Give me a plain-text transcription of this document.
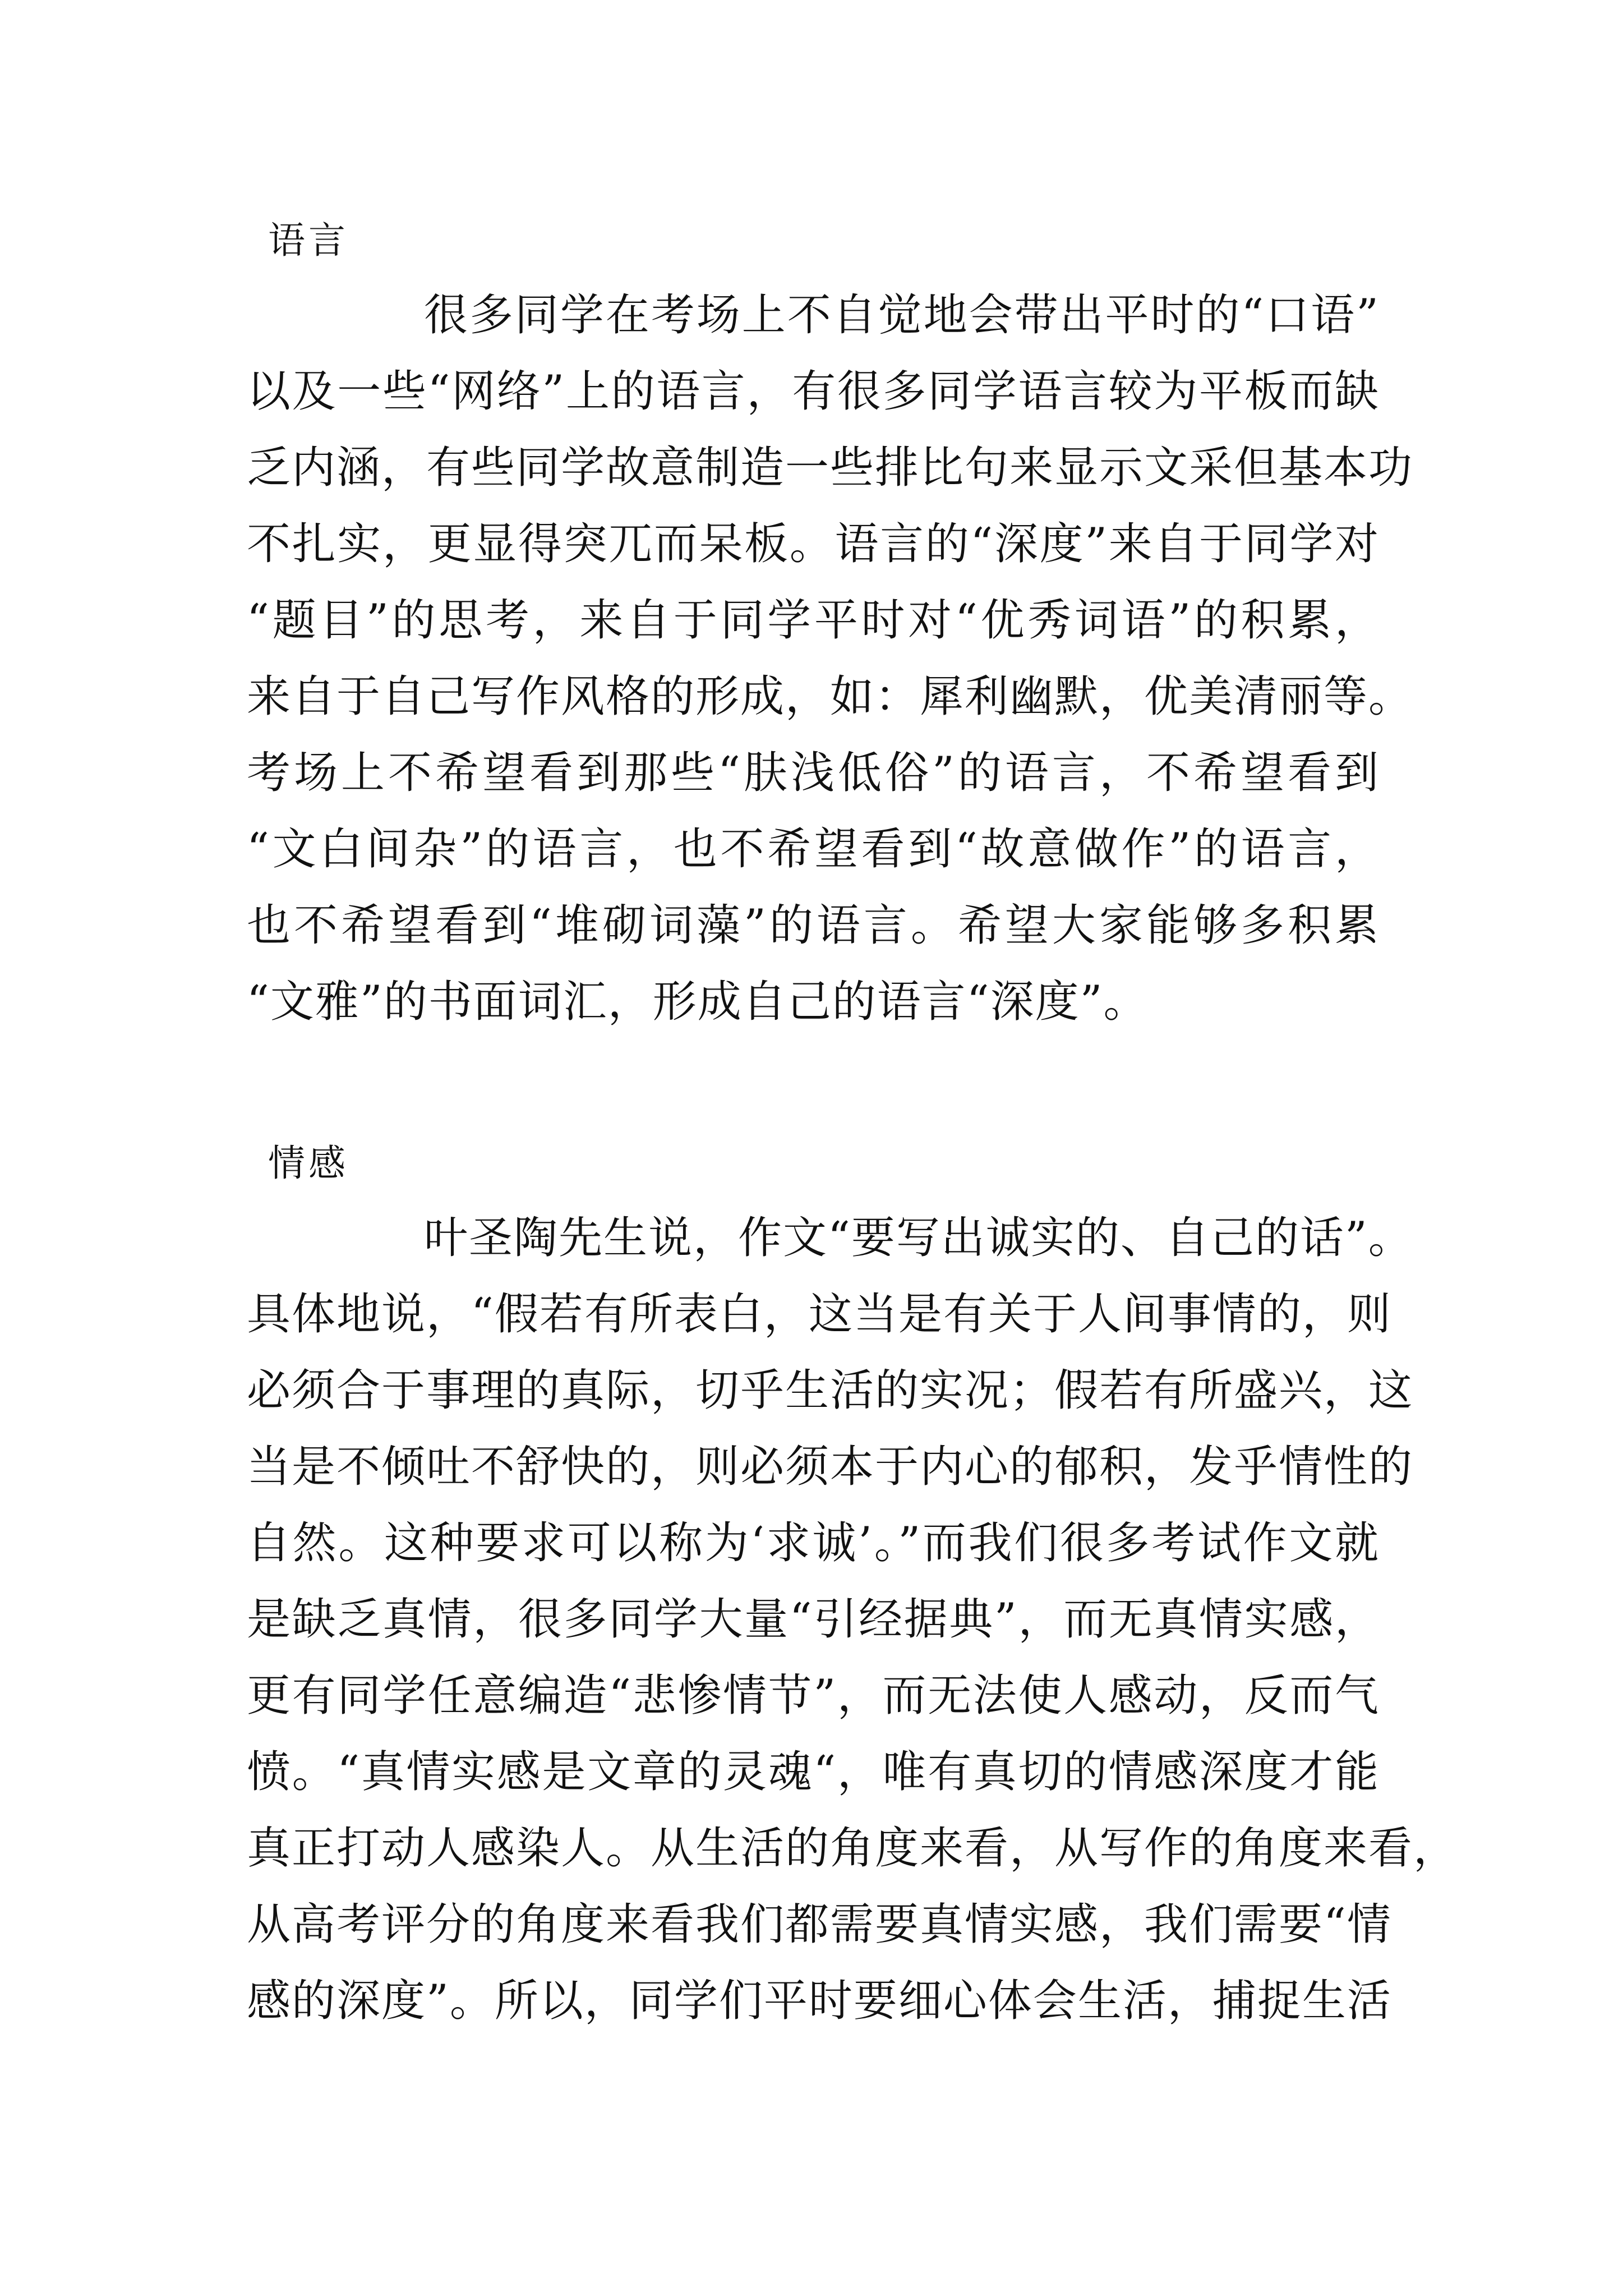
语言
很多同学在考场上不自觉地会带出平时的“口语”
以及一些“网络”上的语言，有很多同学语言较为平板而缺
乏内涵，有些同学故意制造一些排比句来显示文采但基本功
不扎实，更显得突兀而呆板。语言的“深度”来自于同学对
“题目”的思考，来自于同学平时对“优秀词语”的积累，
来自于自己写作风格的形成，如：犀利幽默，优美清丽等。
考场上不希望看到那些“肤浅低俗”的语言，不希望看到
“文白间杂”的语言，也不希望看到“故意做作”的语言，
也不希望看到“堆砌词藻”的语言。希望大家能够多积累
“文雅”的书面词汇，形成自己的语言“深度”。
情感
叶圣陶先生说，作文“要写出诚实的、自己的话”。
具体地说，“假若有所表白，这当是有关于人间事情的，则
必须合于事理的真际，切乎生活的实况；假若有所盛兴，这
当是不倾吐不舒快的，则必须本于内心的郁积，发乎情性的
自然。这种要求可以称为‘求诚’。”而我们很多考试作文就
是缺乏真情，很多同学大量“引经据典”，而无真情实感，
更有同学任意编造“悲惨情节”，而无法使人感动，反而气
愤。“真情实感是文章的灵魂“，唯有真切的情感深度才能
真正打动人感染人。从生活的角度来看，从写作的角度来看，
从高考评分的角度来看我们都需要真情实感，我们需要“情
感的深度”。所以，同学们平时要细心体会生活，捕捉生活
